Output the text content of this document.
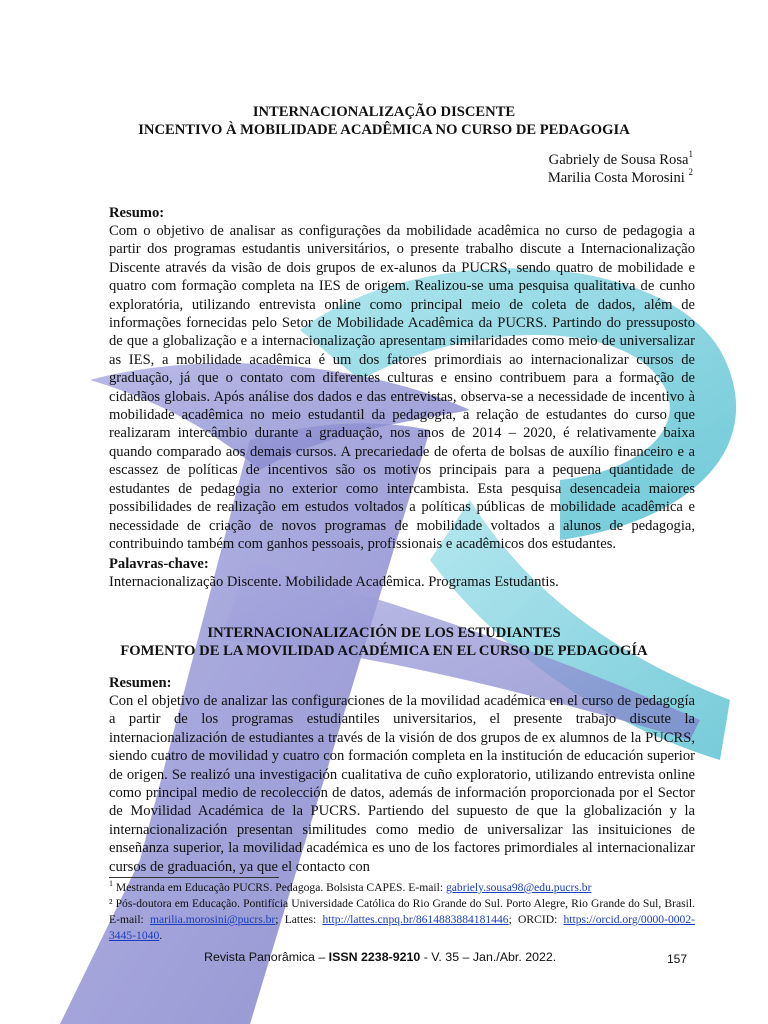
INTERNACIONALIZAÇÃO DISCENTE
INCENTIVO À MOBILIDADE ACADÊMICA NO CURSO DE PEDAGOGIA
Gabriely de Sousa Rosa$^1$
Marilia Costa Morosini $^2$
Resumo:
Com o objetivo de analisar as configurações da mobilidade acadêmica no curso de pedagogia a partir dos programas estudantis universitários, o presente trabalho discute a Internacionalização Discente através da visão de dois grupos de ex-alunos da PUCRS, sendo quatro de mobilidade e quatro com formação completa na IES de origem. Realizou-se uma pesquisa qualitativa de cunho exploratória, utilizando entrevista online como principal meio de coleta de dados, além de informações fornecidas pelo Setor de Mobilidade Acadêmica da PUCRS. Partindo do pressuposto de que a globalização e a internacionalização apresentam similaridades como meio de universalizar as IES, a mobilidade acadêmica é um dos fatores primordiais ao internacionalizar cursos de graduação, já que o contato com diferentes culturas e ensino contribuem para a formação de cidadãos globais. Após análise dos dados e das entrevistas, observa-se a necessidade de incentivo à mobilidade acadêmica no meio estudantil da pedagogia, a relação de estudantes do curso que realizaram intercâmbio durante a graduação, nos anos de 2014 – 2020, é relativamente baixa quando comparado aos demais cursos. A precariedade de oferta de bolsas de auxílio financeiro e a escassez de políticas de incentivos são os motivos principais para a pequena quantidade de estudantes de pedagogia no exterior como intercambista. Esta pesquisa desencadeia maiores possibilidades de realização em estudos voltados a políticas públicas de mobilidade acadêmica e necessidade de criação de novos programas de mobilidade voltados a alunos de pedagogia, contribuindo também com ganhos pessoais, profissionais e acadêmicos dos estudantes.
Palavras-chave:
Internacionalização Discente. Mobilidade Acadêmica. Programas Estudantis.
INTERNACIONALIZACIÓN DE LOS ESTUDIANTES
FOMENTO DE LA MOVILIDAD ACADÉMICA EN EL CURSO DE PEDAGOGÍA
Resumen:
Con el objetivo de analizar las configuraciones de la movilidad académica en el curso de pedagogía a partir de los programas estudiantiles universitarios, el presente trabajo discute la internacionalización de estudiantes a través de la visión de dos grupos de ex alumnos de la PUCRS, siendo cuatro de movilidad y cuatro con formación completa en la institución de educación superior de origen. Se realizó una investigación cualitativa de cuño exploratorio, utilizando entrevista online como principal medio de recolección de datos, además de información proporcionada por el Sector de Movilidad Académica de la PUCRS. Partiendo del supuesto de que la globalización y la internacionalización presentan similitudes como medio de universalizar las insituiciones de enseñanza superior, la movilidad académica es uno de los factores primordiales al internacionalizar cursos de graduación, ya que el contacto con
$^1$ Mestranda em Educação PUCRS. Pedagoga. Bolsista CAPES. E-mail: gabriely.sousa98@edu.pucrs.br
² Pós-doutora em Educação. Pontifícia Universidade Católica do Rio Grande do Sul. Porto Alegre, Rio Grande do Sul, Brasil. E-mail: marilia.morosini@pucrs.br; Lattes: http://lattes.cnpq.br/8614883884181446; ORCID: https://orcid.org/0000-0002-3445-1040.
Revista Panorâmica – ISSN 2238-9210 - V. 35 – Jan./Abr. 2022.	157
